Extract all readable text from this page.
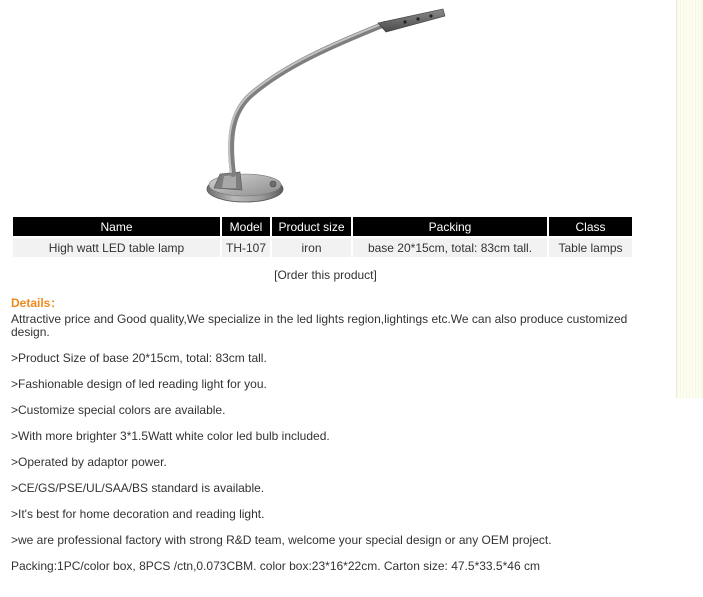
Name	Model	Product size	Packing	Class
High watt LED table lamp	TH-107	iron	base 20*15cm, total: 83cm tall.	Table lamps
[Order this product]
Details：

Attractive price and Good quality,We specialize in the led lights region,lightings etc.We can also produce customized design.

>Product Size of base 20*15cm, total: 83cm tall.

>Fashionable design of led reading light for you.

>Customize special colors are available.

>With more brighter 3*1.5Watt white color led bulb included.

>Operated by adaptor power.

>CE/GS/PSE/UL/SAA/BS standard is available.

>It's best for home decoration and reading light.

>we are professional factory with strong R&D team, welcome your special design or any OEM project.

Packing:1PC/color box, 8PCS /ctn,0.073CBM. color box:23*16*22cm. Carton size: 47.5*33.5*46 cm
